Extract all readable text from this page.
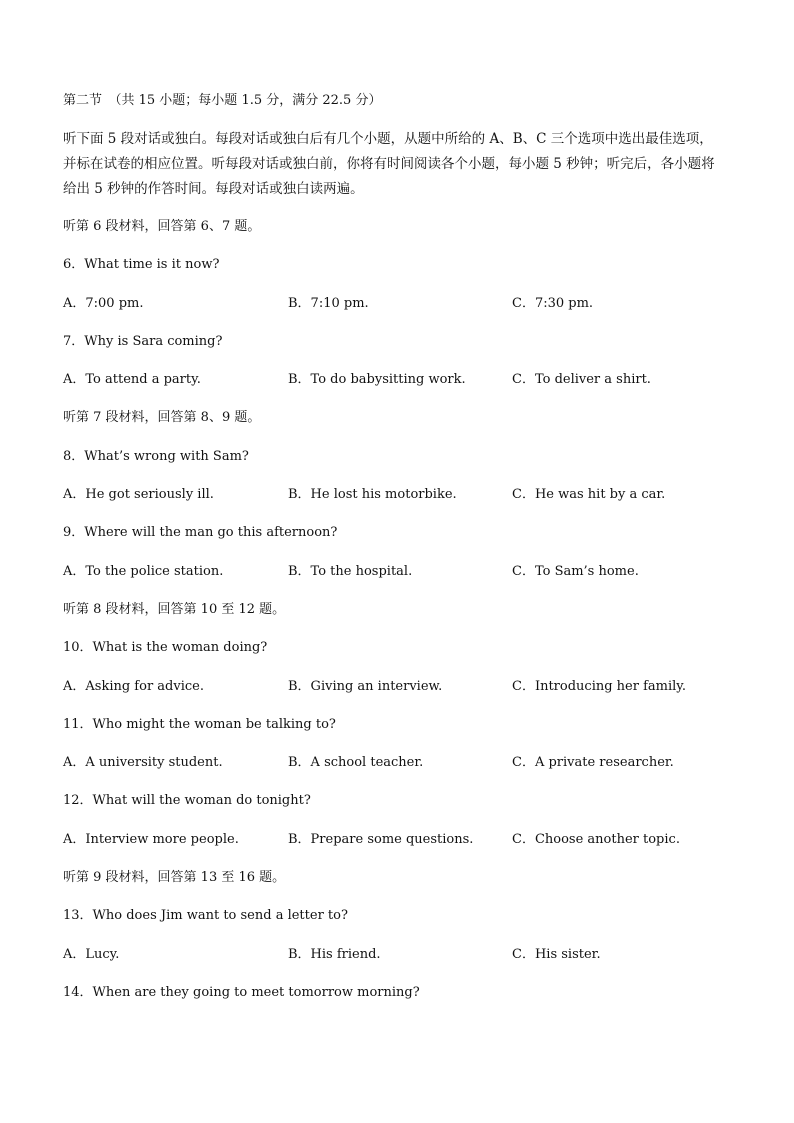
第二节　（共 15 小题；每小题 1.5 分，满分 22.5 分）
听下面 5 段对话或独白。每段对话或独白后有几个小题，从题中所给的 A、B、C 三个选项中选出最佳选项，
并标在试卷的相应位置。听每段对话或独白前，你将有时间阅读各个小题，每小题 5 秒钟；听完后，各小题将
给出 5 秒钟的作答时间。每段对话或独白读两遍。
听第 6 段材料，回答第 6、7 题。
6．What time is it now?
A．7:00 pm.	B．7:10 pm.	C．7:30 pm.
7．Why is Sara coming?
A．To attend a party.	B．To do babysitting work.	C．To deliver a shirt.
听第 7 段材料，回答第 8、9 题。
8．What’s wrong with Sam?
A．He got seriously ill.	B．He lost his motorbike.	C．He was hit by a car.
9．Where will the man go this afternoon?
A．To the police station.	B．To the hospital.	C．To Sam’s home.
听第 8 段材料，回答第 10 至 12 题。
10．What is the woman doing?
A．Asking for advice.	B．Giving an interview.	C．Introducing her family.
11．Who might the woman be talking to?
A．A university student.	B．A school teacher.	C．A private researcher.
12．What will the woman do tonight?
A．Interview more people.	B．Prepare some questions.	C．Choose another topic.
听第 9 段材料，回答第 13 至 16 题。
13．Who does Jim want to send a letter to?
A．Lucy.	B．His friend.	C．His sister.
14．When are they going to meet tomorrow morning?
